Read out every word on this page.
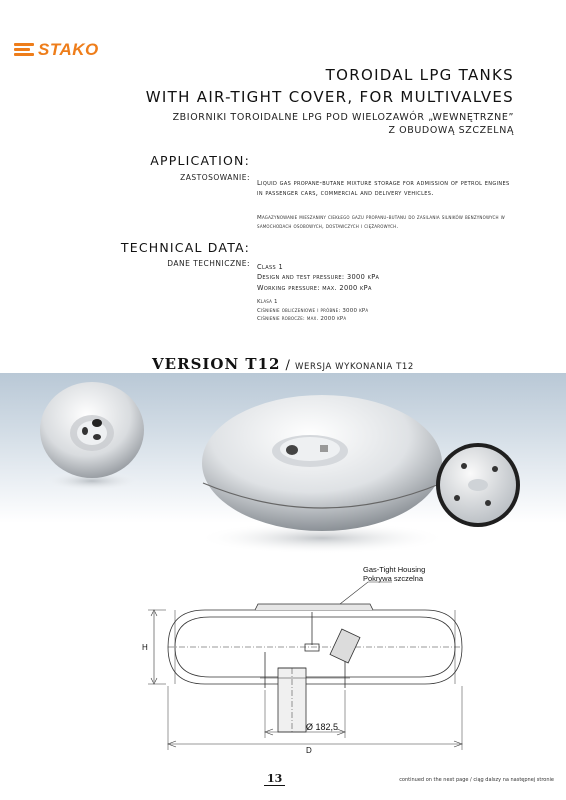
STAKO
TOROIDAL LPG TANKS
WITH AIR-TIGHT COVER, FOR MULTIVALVES
ZBIORNIKI TOROIDALNE LPG POD WIELOZAWÓR „WEWNĘTRZNE”
Z OBUDOWĄ SZCZELNĄ
APPLICATION:
ZASTOSOWANIE:
Liquid gas propane-butane mixture storage for admission of petrol engines in passenger cars, commercial and delivery vehicles.
Magazynowanie mieszaniny ciekłego gazu propanu-butanu do zasilania silników benzynowych w samochodach osobowych, dostawczych i ciężarowych.
TECHNICAL DATA:
DANE TECHNICZNE: Class 1
Design and test pressure: 3000 kPa
Working pressure: max. 2000 kPa
Klasa 1
Ciśnienie obliczeniowe i próbne: 3000 kPa
Ciśnienie robocze: max. 2000 kPa
VERSION T12 / WERSJA WYKONANIA T12
Gas-Tight Housing
Pokrywa szczelna
H
D
Ø 182,5
13	continued on the next page / ciąg dalszy na następnej stronie
